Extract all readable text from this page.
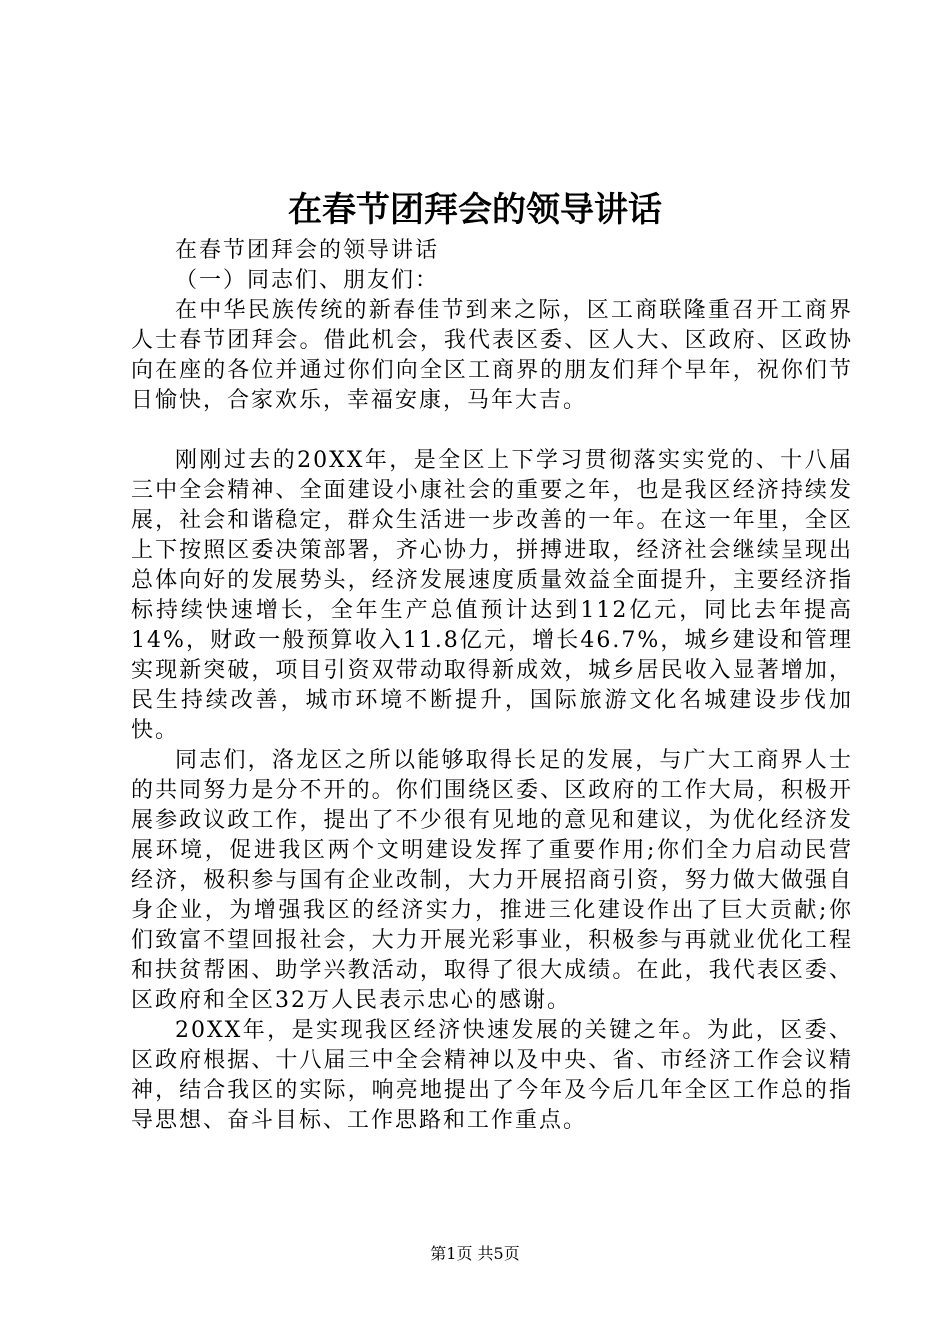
在春节团拜会的领导讲话

在春节团拜会的领导讲话

（一）同志们、朋友们：

在中华民族传统的新春佳节到来之际，区工商联隆重召开工商界人士春节团拜会。借此机会，我代表区委、区人大、区政府、区政协向在座的各位并通过你们向全区工商界的朋友们拜个早年，祝你们节日愉快，合家欢乐，幸福安康，马年大吉。

刚刚过去的20XX年，是全区上下学习贯彻落实实党的、十八届三中全会精神、全面建设小康社会的重要之年，也是我区经济持续发展，社会和谐稳定，群众生活进一步改善的一年。在这一年里，全区上下按照区委决策部署，齐心协力，拼搏进取，经济社会继续呈现出总体向好的发展势头，经济发展速度质量效益全面提升，主要经济指标持续快速增长，全年生产总值预计达到112亿元，同比去年提高14%，财政一般预算收入11.8亿元，增长46.7%，城乡建设和管理实现新突破，项目引资双带动取得新成效，城乡居民收入显著增加，民生持续改善，城市环境不断提升，国际旅游文化名城建设步伐加快。

同志们，洛龙区之所以能够取得长足的发展，与广大工商界人士的共同努力是分不开的。你们围绕区委、区政府的工作大局，积极开展参政议政工作，提出了不少很有见地的意见和建议，为优化经济发展环境，促进我区两个文明建设发挥了重要作用;你们全力启动民营经济，极积参与国有企业改制，大力开展招商引资，努力做大做强自身企业，为增强我区的经济实力，推进三化建设作出了巨大贡献;你们致富不望回报社会，大力开展光彩事业，积极参与再就业优化工程和扶贫帮困、助学兴教活动，取得了很大成绩。在此，我代表区委、区政府和全区32万人民表示忠心的感谢。

20XX年，是实现我区经济快速发展的关键之年。为此，区委、区政府根据、十八届三中全会精神以及中央、省、市经济工作会议精神，结合我区的实际，响亮地提出了今年及今后几年全区工作总的指导思想、奋斗目标、工作思路和工作重点。

第1页 共5页
